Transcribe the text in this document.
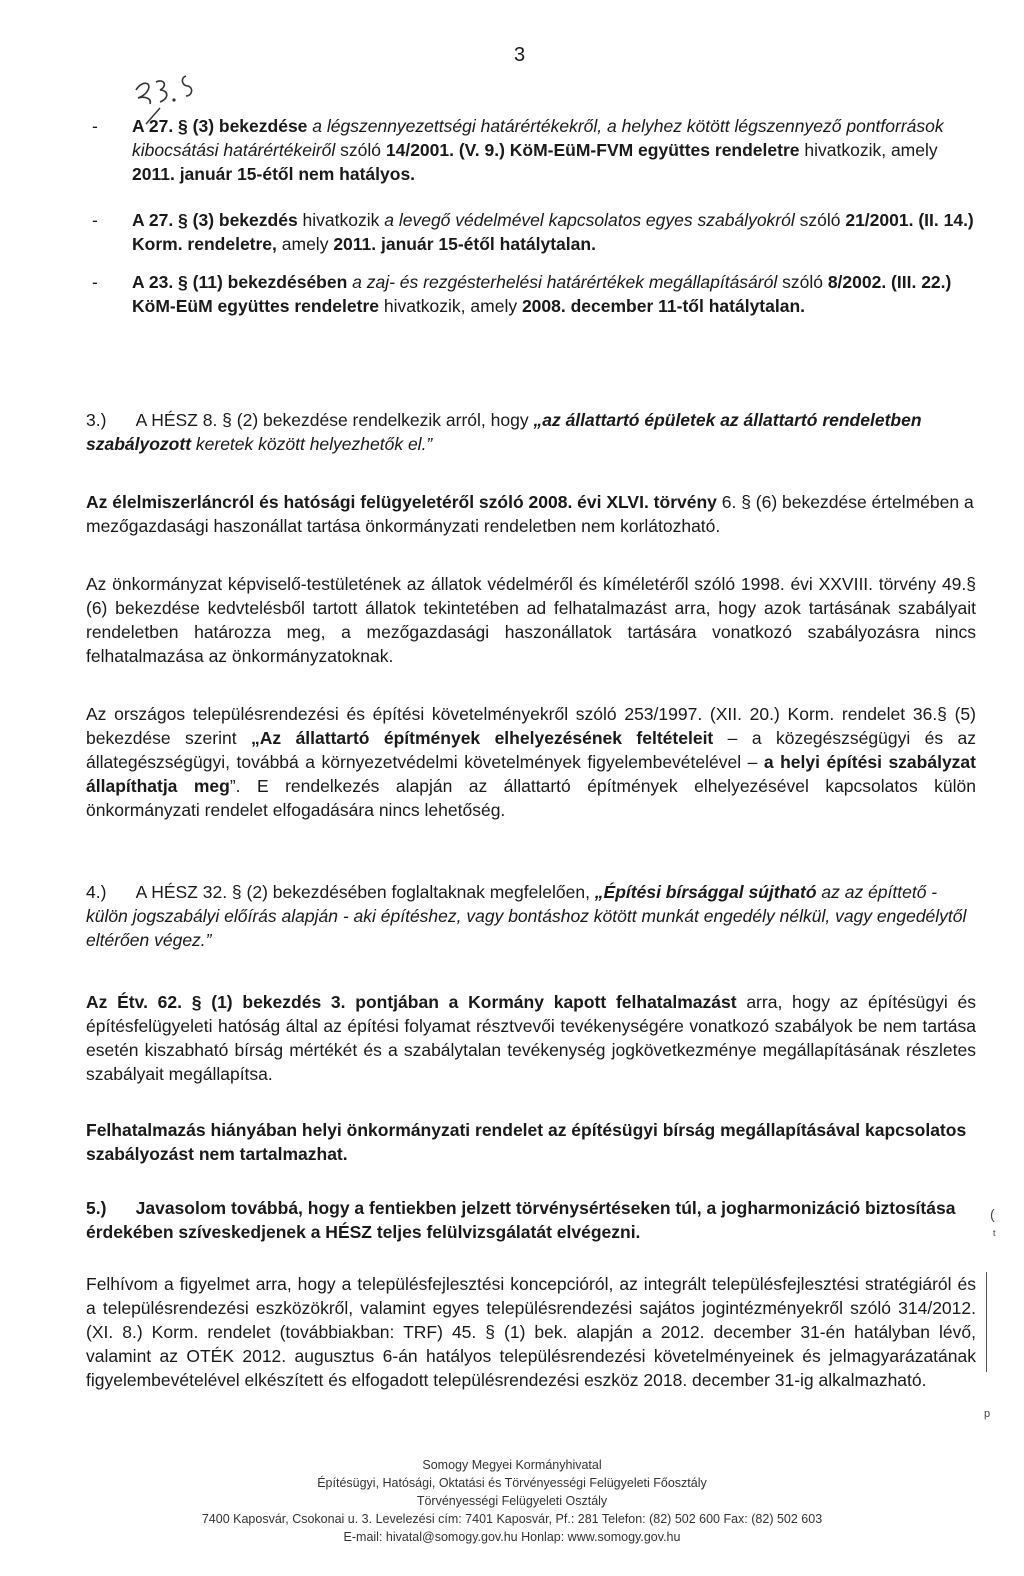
3
- A 27. § (3) bekezdése a légszennyezettségi határértékekről, a helyhez kötött légszennyező pontforrások kibocsátási határértékeiről szóló 14/2001. (V. 9.) KöM-EüM-FVM együttes rendeletre hivatkozik, amely 2011. január 15-étől nem hatályos.
- A 27. § (3) bekezdés hivatkozik a levegő védelmével kapcsolatos egyes szabályokról szóló 21/2001. (II. 14.) Korm. rendeletre, amely 2011. január 15-étől hatálytalan.
- A 23. § (11) bekezdésében a zaj- és rezgésterhelési határértékek megállapításáról szóló 8/2002. (III. 22.) KöM-EüM együttes rendeletre hivatkozik, amely 2008. december 11-től hatálytalan.
3.) A HÉSZ 8. § (2) bekezdése rendelkezik arról, hogy „az állattartó épületek az állattartó rendeletben szabályozott keretek között helyezhetők el.”
Az élelmiszerláncról és hatósági felügyeletéről szóló 2008. évi XLVI. törvény 6. § (6) bekezdése értelmében a mezőgazdasági haszonállat tartása önkormányzati rendeletben nem korlátozható.
Az önkormányzat képviselő-testületének az állatok védelméről és kíméletéről szóló 1998. évi XXVIII. törvény 49.§ (6) bekezdése kedvtelésből tartott állatok tekintetében ad felhatalmazást arra, hogy azok tartásának szabályait rendeletben határozza meg, a mezőgazdasági haszonállatok tartására vonatkozó szabályozásra nincs felhatalmazása az önkormányzatoknak.
Az országos településrendezési és építési követelményekről szóló 253/1997. (XII. 20.) Korm. rendelet 36.§ (5) bekezdése szerint „Az állattartó építmények elhelyezésének feltételeit – a közegészségügyi és az állategészségügyi, továbbá a környezetvédelmi követelmények figyelembevételével – a helyi építési szabályzat állapíthatja meg”. E rendelkezés alapján az állattartó építmények elhelyezésével kapcsolatos külön önkormányzati rendelet elfogadására nincs lehetőség.
4.) A HÉSZ 32. § (2) bekezdésében foglaltaknak megfelelően, „Építési bírsággal sújtható az az építtető - külön jogszabályi előírás alapján - aki építéshez, vagy bontáshoz kötött munkát engedély nélkül, vagy engedélytől eltérően végez.”
Az Étv. 62. § (1) bekezdés 3. pontjában a Kormány kapott felhatalmazást arra, hogy az építésügyi és építésfelügyeleti hatóság által az építési folyamat résztvevői tevékenységére vonatkozó szabályok be nem tartása esetén kiszabható bírság mértékét és a szabálytalan tevékenység jogkövetkezménye megállapításának részletes szabályait megállapítsa.
Felhatalmazás hiányában helyi önkormányzati rendelet az építésügyi bírság megállapításával kapcsolatos szabályozást nem tartalmazhat.
5.) Javasolom továbbá, hogy a fentiekben jelzett törvénysértéseken túl, a jogharmonizáció biztosítása érdekében szíveskedjenek a HÉSZ teljes felülvizsgálatát elvégezni.
Felhívom a figyelmet arra, hogy a településfejlesztési koncepcióról, az integrált településfejlesztési stratégiáról és a településrendezési eszközökről, valamint egyes településrendezési sajátos jogintézményekről szóló 314/2012. (XI. 8.) Korm. rendelet (továbbiakban: TRF) 45. § (1) bek. alapján a 2012. december 31-én hatályban lévő, valamint az OTÉK 2012. augusztus 6-án hatályos településrendezési követelményeinek és jelmagyarázatának figyelembevételével elkészített és elfogadott településrendezési eszköz 2018. december 31-ig alkalmazható.
(
t
p
Somogy Megyei Kormányhivatal
Építésügyi, Hatósági, Oktatási és Törvényességi Felügyeleti Főosztály
Törvényességi Felügyeleti Osztály
7400 Kaposvár, Csokonai u. 3. Levelezési cím: 7401 Kaposvár, Pf.: 281 Telefon: (82) 502 600 Fax: (82) 502 603
E-mail: hivatal@somogy.gov.hu Honlap: www.somogy.gov.hu
